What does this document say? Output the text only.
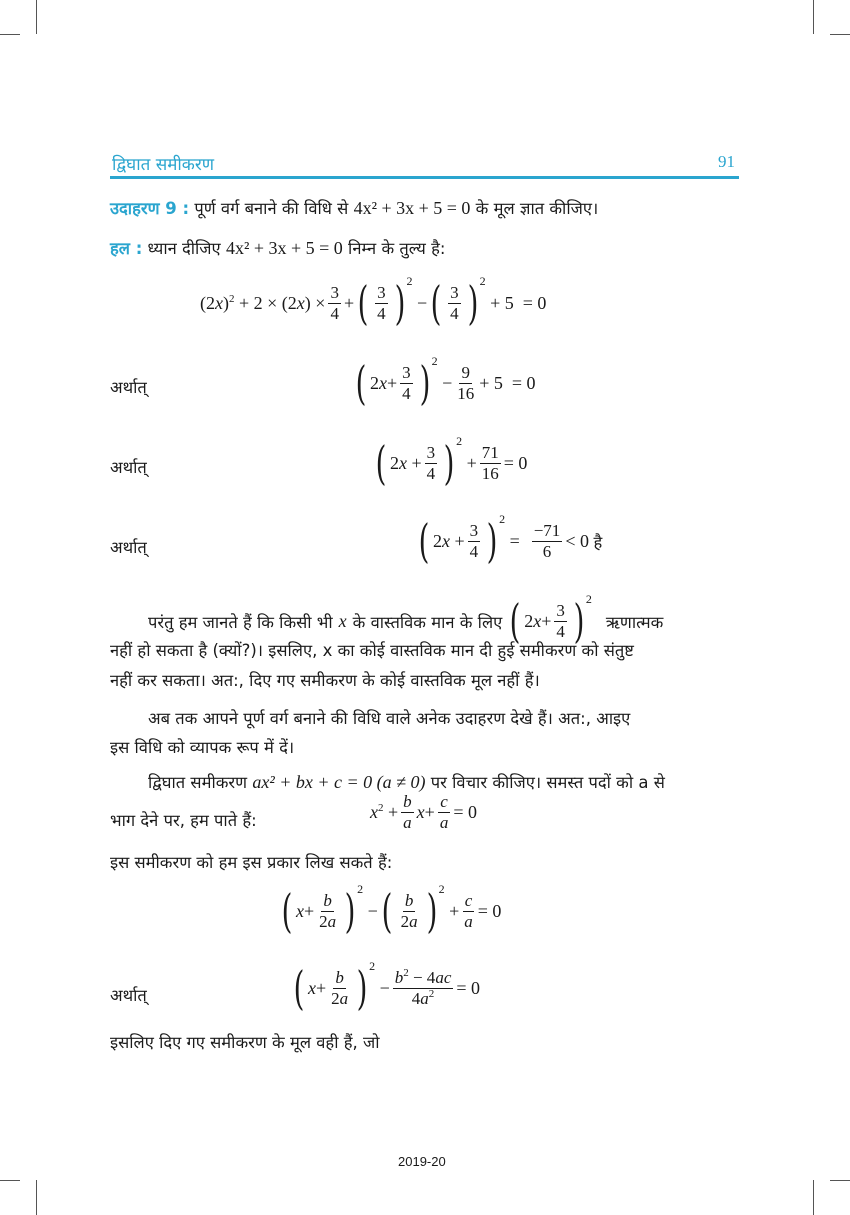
द्विघात समीकरण	91
उदाहरण 9 : पूर्ण वर्ग बनाने की विधि से 4x² + 3x + 5 = 0 के मूल ज्ञात कीजिए।
हल : ध्यान दीजिए 4x² + 3x + 5 = 0 निम्न के तुल्य है:
$(2x)^2 + 2 \times (2x) \times \frac{3}{4}$ + ( $\frac{3}{4}$ ) 2
− ( $\frac{3}{4}$ ) 2
+ 5  = 0
अर्थात्	( $2x+ \frac{3}{4}$ ) 2
− $\frac{9}{16} + 5 = 0$
अर्थात्	( $2x + \frac{3}{4}$ ) 2
+ $\frac{71}{16} = 0$
अर्थात्	( $2x + \frac{3}{4}$ ) 2
= $\frac{-71}{6} < 0$ है
परंतु हम जानते हैं कि किसी भी x के वास्तविक मान के लिए ( $2x+ \frac{3}{4}$ ) 2
ऋणात्मक
नहीं हो सकता है (क्यों?)। इसलिए, x का कोई वास्तविक मान दी हुई समीकरण को संतुष्ट
नहीं कर सकता। अत:, दिए गए समीकरण के कोई वास्तविक मूल नहीं हैं।
अब तक आपने पूर्ण वर्ग बनाने की विधि वाले अनेक उदाहरण देखे हैं। अत:, आइए
इस विधि को व्यापक रूप में दें।
द्विघात समीकरण ax² + bx + c = 0 (a ≠ 0) पर विचार कीजिए। समस्त पदों को a से
भाग देने पर, हम पाते हैं:	$x^2 + \frac{b}{a}$ $x + \frac{c}{a} = 0$
इस समीकरण को हम इस प्रकार लिख सकते हैं:
( $x + \frac{b}{2a}$ ) 2
− ( $\frac{b}{2a}$ ) 2
+ $\frac{c}{a} = 0$
अर्थात्	( $x + \frac{b}{2a}$ ) 2
− $\frac{b^2 - 4ac}{4a^2} = 0$
इसलिए दिए गए समीकरण के मूल वही हैं, जो
2019-20
